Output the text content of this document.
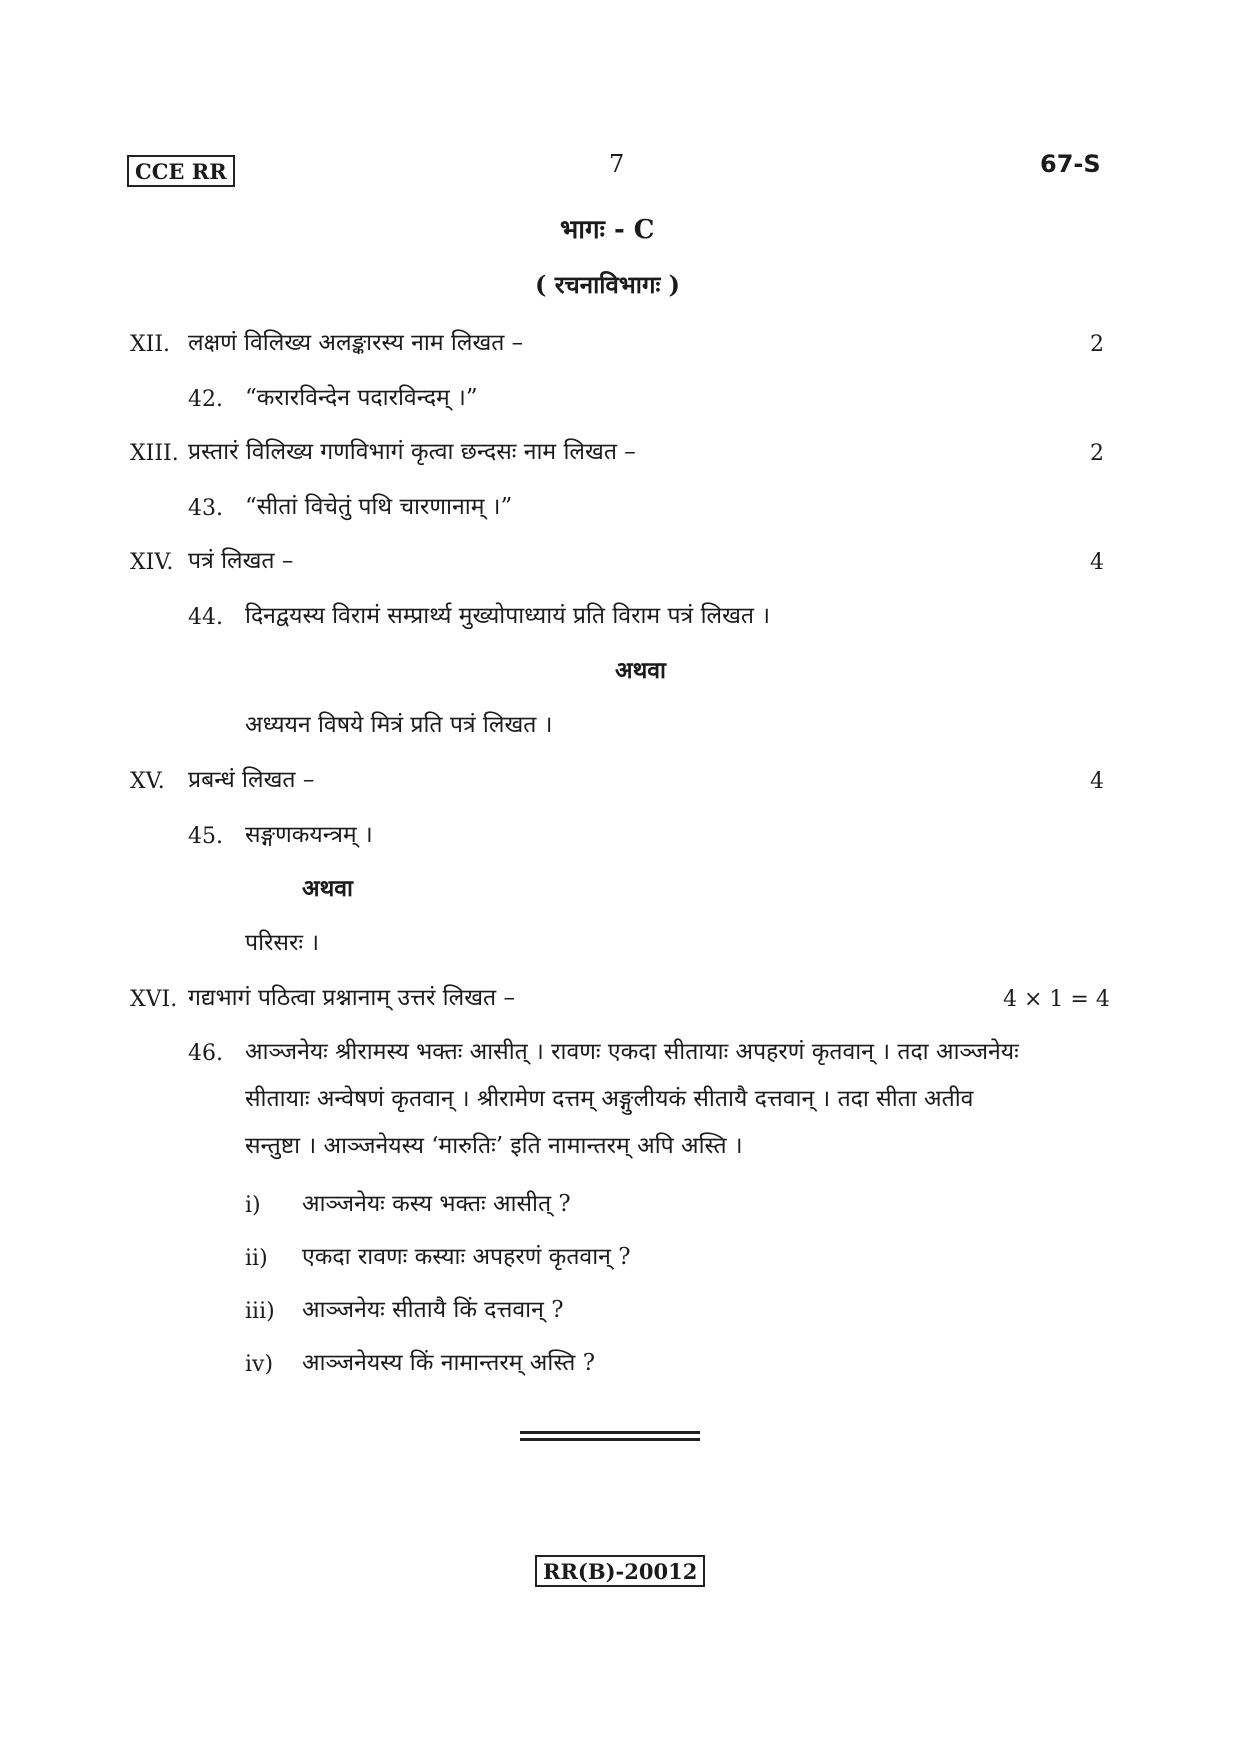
CCE RR	7	67-S
भागः - C
( रचनाविभागः )
XII. लक्षणं विलिख्य अलङ्कारस्य नाम लिखत –	2
42. “करारविन्देन पदारविन्दम् ।”
XIII. प्रस्तारं विलिख्य गणविभागं कृत्वा छन्दसः नाम लिखत –	2
43. “सीतां विचेतुं पथि चारणानाम् ।”
XIV. पत्रं लिखत –	4
44. दिनद्वयस्य विरामं सम्प्रार्थ्य मुख्योपाध्यायं प्रति विराम पत्रं लिखत ।
अथवा
अध्ययन विषये मित्रं प्रति पत्रं लिखत ।
XV. प्रबन्धं लिखत –	4
45. सङ्गणकयन्त्रम् ।
अथवा
परिसरः ।
XVI. गद्यभागं पठित्वा प्रश्नानाम् उत्तरं लिखत –	4 × 1 = 4
46. आञ्जनेयः श्रीरामस्य भक्तः आसीत् । रावणः एकदा सीतायाः अपहरणं कृतवान् । तदा आञ्जनेयः
सीतायाः अन्वेषणं कृतवान् । श्रीरामेण दत्तम् अङ्गुलीयकं सीतायै दत्तवान् । तदा सीता अतीव
सन्तुष्टा । आञ्जनेयस्य ‘मारुतिः’ इति नामान्तरम् अपि अस्ति ।
i) आञ्जनेयः कस्य भक्तः आसीत् ?
ii) एकदा रावणः कस्याः अपहरणं कृतवान् ?
iii) आञ्जनेयः सीतायै किं दत्तवान् ?
iv) आञ्जनेयस्य किं नामान्तरम् अस्ति ?
RR(B)-20012
